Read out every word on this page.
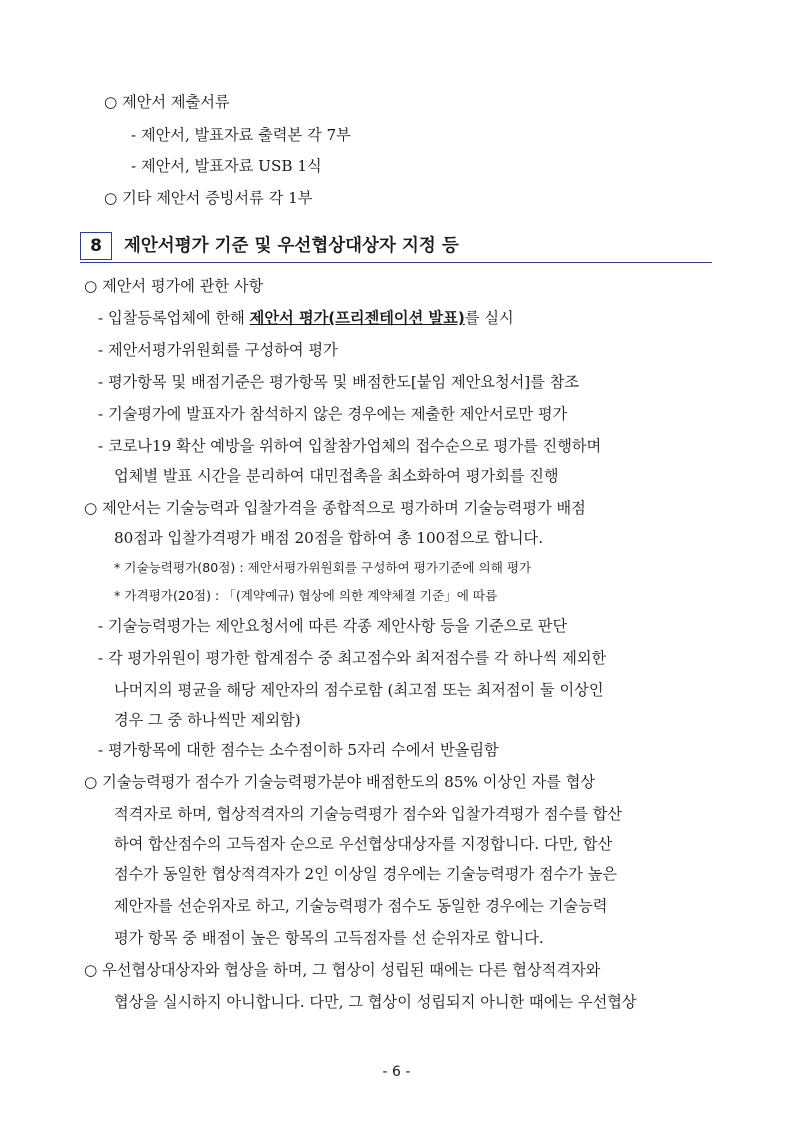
○ 제안서 제출서류
- 제안서, 발표자료 출력본 각 7부
- 제안서, 발표자료 USB 1식
○ 기타 제안서 증빙서류 각 1부
8	제안서평가 기준 및 우선협상대상자 지정 등
○ 제안서 평가에 관한 사항
- 입찰등록업체에 한해 제안서 평가(프리젠테이션 발표)를 실시
- 제안서평가위원회를 구성하여 평가
- 평가항목 및 배점기준은 평가항목 및 배점한도[붙임 제안요청서]를 참조
- 기술평가에 발표자가 참석하지 않은 경우에는 제출한 제안서로만 평가
- 코로나19 확산 예방을 위하여 입찰참가업체의 접수순으로 평가를 진행하며
업체별 발표 시간을 분리하여 대민접촉을 최소화하여 평가회를 진행
○ 제안서는 기술능력과 입찰가격을 종합적으로 평가하며 기술능력평가 배점
80점과 입찰가격평가 배점 20점을 합하여 총 100점으로 합니다.
* 기술능력평가(80점) : 제안서평가위원회를 구성하여 평가기준에 의해 평가
* 가격평가(20점) : 「(계약예규) 협상에 의한 계약체결 기준」에 따름
- 기술능력평가는 제안요청서에 따른 각종 제안사항 등을 기준으로 판단
- 각 평가위원이 평가한 합계점수 중 최고점수와 최저점수를 각 하나씩 제외한
나머지의 평균을 해당 제안자의 점수로함 (최고점 또는 최저점이 둘 이상인
경우 그 중 하나씩만 제외함)
- 평가항목에 대한 점수는 소수점이하 5자리 수에서 반올림함
○ 기술능력평가 점수가 기술능력평가분야 배점한도의 85% 이상인 자를 협상
적격자로 하며, 협상적격자의 기술능력평가 점수와 입찰가격평가 점수를 합산
하여 합산점수의 고득점자 순으로 우선협상대상자를 지정합니다. 다만, 합산
점수가 동일한 협상적격자가 2인 이상일 경우에는 기술능력평가 점수가 높은
제안자를 선순위자로 하고, 기술능력평가 점수도 동일한 경우에는 기술능력
평가 항목 중 배점이 높은 항목의 고득점자를 선 순위자로 합니다.
○ 우선협상대상자와 협상을 하며, 그 협상이 성립된 때에는 다른 협상적격자와
협상을 실시하지 아니합니다. 다만, 그 협상이 성립되지 아니한 때에는 우선협상
- 6 -
